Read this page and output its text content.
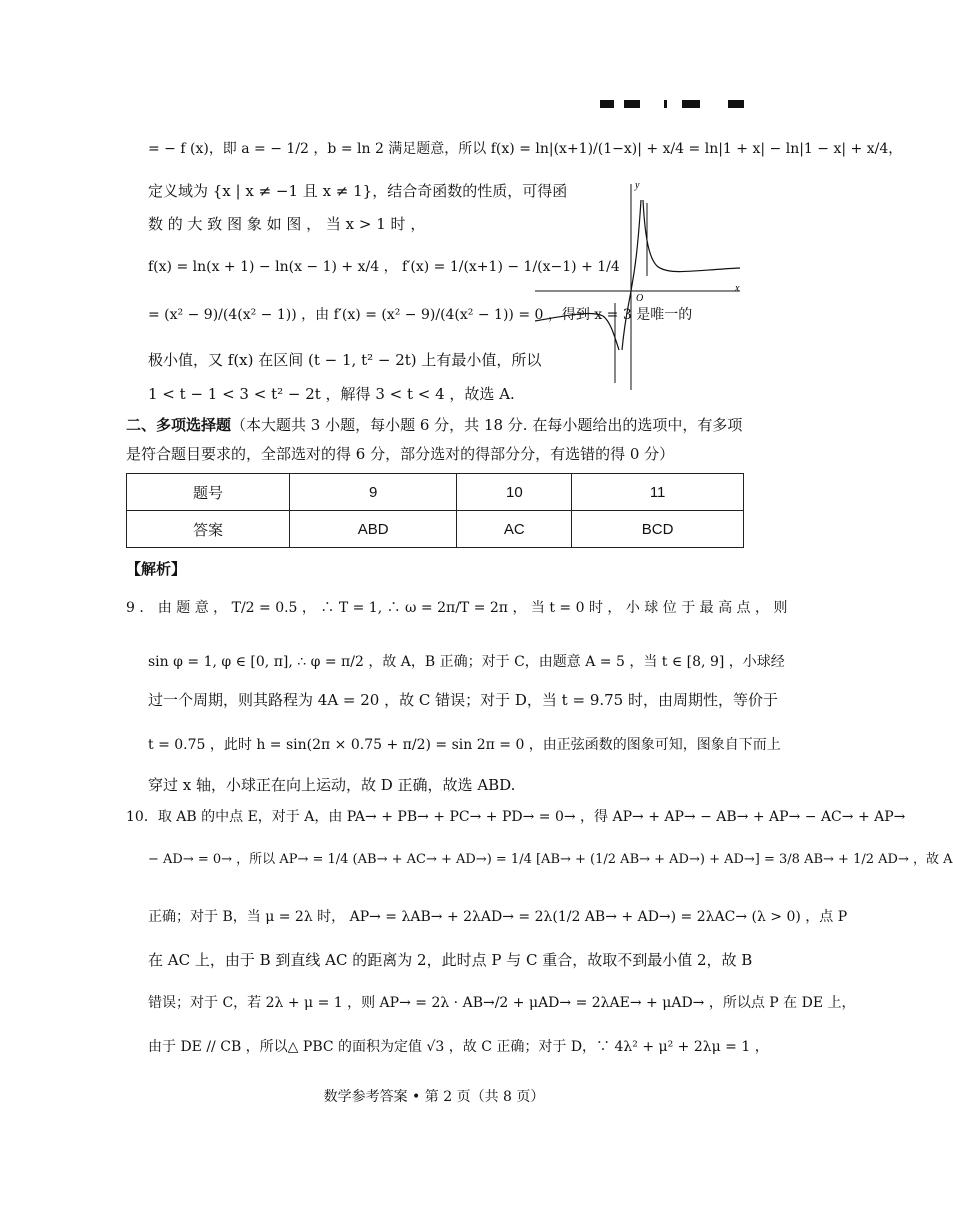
= − f (x)，即 a = − 1/2 ，b = ln 2 满足题意，所以 f(x) = ln|(x+1)/(1−x)| + x/4 = ln|1 + x| − ln|1 − x| + x/4，
定义域为 {x | x ≠ −1 且 x ≠ 1}，结合奇函数的性质，可得函
数 的 大 致 图 象 如 图 ， 当 x > 1 时 ，
f(x) = ln(x + 1) − ln(x − 1) + x/4 ， f′(x) = 1/(x+1) − 1/(x−1) + 1/4
= (x² − 9)/(4(x² − 1)) ，由 f′(x) = (x² − 9)/(4(x² − 1)) = 0 ，得到 x = 3 是唯一的
极小值，又 f(x) 在区间 (t − 1, t² − 2t) 上有最小值，所以
1 < t − 1 < 3 < t² − 2t ，解得 3 < t < 4 ，故选 A.
y
x
O
二、多项选择题（本大题共 3 小题，每小题 6 分，共 18 分. 在每小题给出的选项中，有多项
是符合题目要求的，全部选对的得 6 分，部分选对的得部分分，有选错的得 0 分）
题号	9	10	11
答案	ABD	AC	BCD
【解析】
9 ． 由 题 意 ， T/2 = 0.5 ， ∴ T = 1, ∴ ω = 2π/T = 2π ， 当 t = 0 时 ， 小 球 位 于 最 高 点 ， 则
sin φ = 1, φ ∈ [0, π], ∴ φ = π/2 ，故 A，B 正确；对于 C，由题意 A = 5 ，当 t ∈ [8, 9] ，小球经
过一个周期，则其路程为 4A = 20 ，故 C 错误；对于 D，当 t = 9.75 时，由周期性，等价于
t = 0.75 ，此时 h = sin(2π × 0.75 + π/2) = sin 2π = 0 ，由正弦函数的图象可知，图象自下而上
穿过 x 轴，小球正在向上运动，故 D 正确，故选 ABD.
10．取 AB 的中点 E，对于 A，由 PA→ + PB→ + PC→ + PD→ = 0→ ，得 AP→ + AP→ − AB→ + AP→ − AC→ + AP→
− AD→ = 0→ ，所以 AP→ = 1/4 (AB→ + AC→ + AD→) = 1/4 [AB→ + (1/2 AB→ + AD→) + AD→] = 3/8 AB→ + 1/2 AD→ ，故 A
正确；对于 B，当 μ = 2λ 时， AP→ = λAB→ + 2λAD→ = 2λ(1/2 AB→ + AD→) = 2λAC→ (λ > 0) ，点 P
在 AC 上，由于 B 到直线 AC 的距离为 2，此时点 P 与 C 重合，故取不到最小值 2，故 B
错误；对于 C，若 2λ + μ = 1 ，则 AP→ = 2λ · AB→/2 + μAD→ = 2λAE→ + μAD→ ，所以点 P 在 DE 上，
由于 DE // CB ，所以△ PBC 的面积为定值 √3 ，故 C 正确；对于 D，∵ 4λ² + μ² + 2λμ = 1 ，
数学参考答案 • 第 2 页（共 8 页）
